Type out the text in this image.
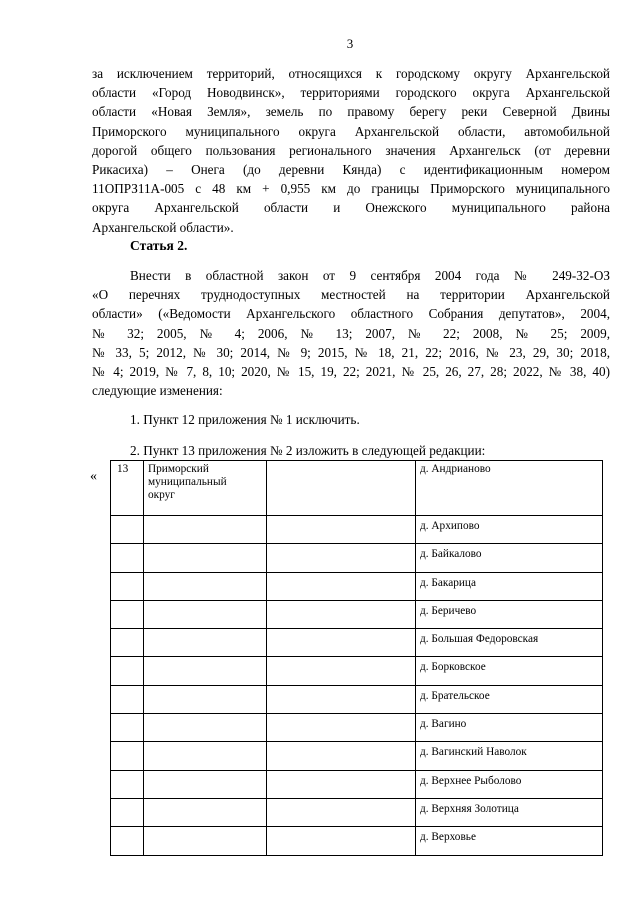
3
за исключением территорий, относящихся к городскому округу Архангельской
области «Город Новодвинск», территориями городского округа Архангельской
области «Новая Земля», земель по правому берегу реки Северной Двины
Приморского муниципального округа Архангельской области, автомобильной
дорогой общего пользования регионального значения Архангельск (от деревни
Рикасиха) – Онега (до деревни Кянда) с идентификационным номером
11ОПРЗ11А-005 с 48 км + 0,955 км до границы Приморского муниципального
округа Архангельской области и Онежского муниципального района
Архангельской области».
Статья 2.
Внести в областной закон от 9 сентября 2004 года № 249-32-ОЗ
«О перечнях труднодоступных местностей на территории Архангельской
области» («Ведомости Архангельского областного Собрания депутатов», 2004,
№ 32; 2005, № 4; 2006, № 13; 2007, № 22; 2008, № 25; 2009,
№ 33, 5; 2012, № 30; 2014, № 9; 2015, № 18, 21, 22; 2016, № 23, 29, 30; 2018,
№ 4; 2019, № 7, 8, 10; 2020, № 15, 19, 22; 2021, № 25, 26, 27, 28; 2022, № 38, 40)
следующие изменения:
1. Пункт 12 приложения № 1 исключить.
2. Пункт 13 приложения № 2 изложить в следующей редакции:
« 13	Приморский
муниципальный
округ		д. Андрианово
			д. Архипово
			д. Байкалово
			д. Бакарица
			д. Беричево
			д. Большая Федоровская
			д. Борковское
			д. Брательское
			д. Вагино
			д. Вагинский Наволок
			д. Верхнее Рыболово
			д. Верхняя Золотица
			д. Верховье
